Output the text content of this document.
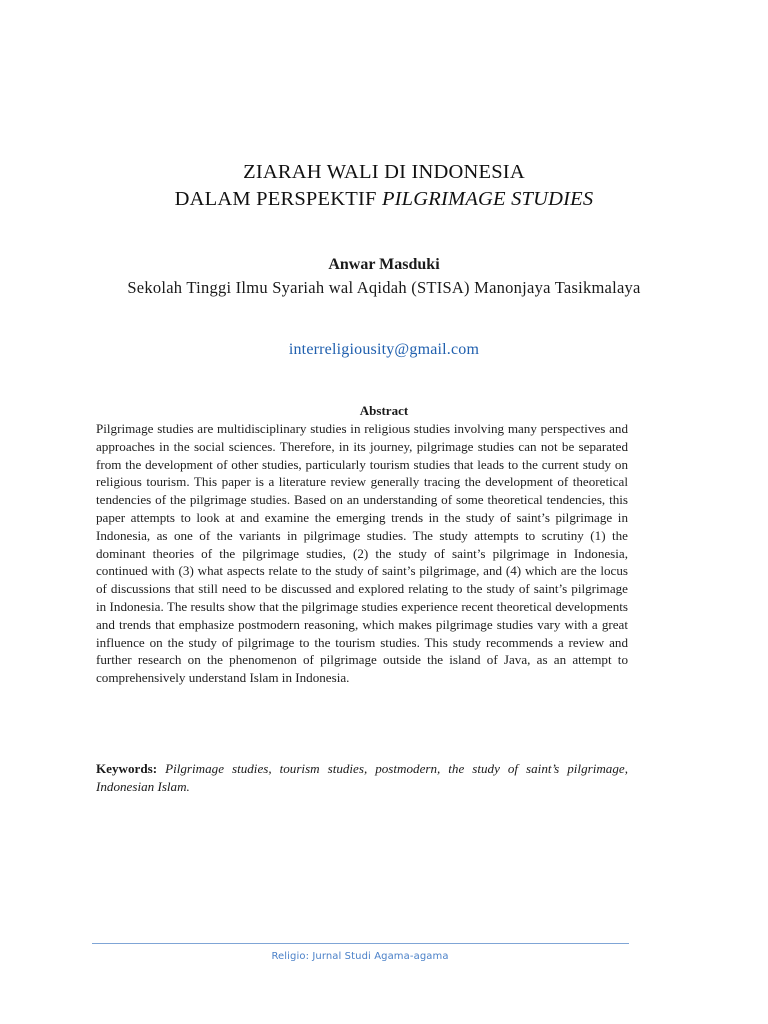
ZIARAH WALI DI INDONESIA
DALAM PERSPEKTIF PILGRIMAGE STUDIES
Anwar Masduki
Sekolah Tinggi Ilmu Syariah wal Aqidah (STISA) Manonjaya Tasikmalaya
interreligiousity@gmail.com
Abstract
Pilgrimage studies are multidisciplinary studies in religious studies involving many perspectives and approaches in the social sciences. Therefore, in its journey, pilgrimage studies can not be separated from the development of other studies, particularly tourism studies that leads to the current study on religious tourism. This paper is a literature review generally tracing the development of theoretical tendencies of the pilgrimage studies. Based on an understanding of some theoretical tendencies, this paper attempts to look at and examine the emerging trends in the study of saint’s pilgrimage in Indonesia, as one of the variants in pilgrimage studies. The study attempts to scrutiny (1) the dominant theories of the pilgrimage studies, (2) the study of saint’s pilgrimage in Indonesia, continued with (3) what aspects relate to the study of saint’s pilgrimage, and (4) which are the locus of discussions that still need to be discussed and explored relating to the study of saint’s pilgrimage in Indonesia. The results show that the pilgrimage studies experience recent theoretical developments and trends that emphasize postmodern reasoning, which makes pilgrimage studies vary with a great influence on the study of pilgrimage to the tourism studies. This study recommends a review and further research on the phenomenon of pilgrimage outside the island of Java, as an attempt to comprehensively understand Islam in Indonesia.
Keywords: Pilgrimage studies, tourism studies, postmodern, the study of saint’s pilgrimage, Indonesian Islam.
Religio: Jurnal Studi Agama-agama
